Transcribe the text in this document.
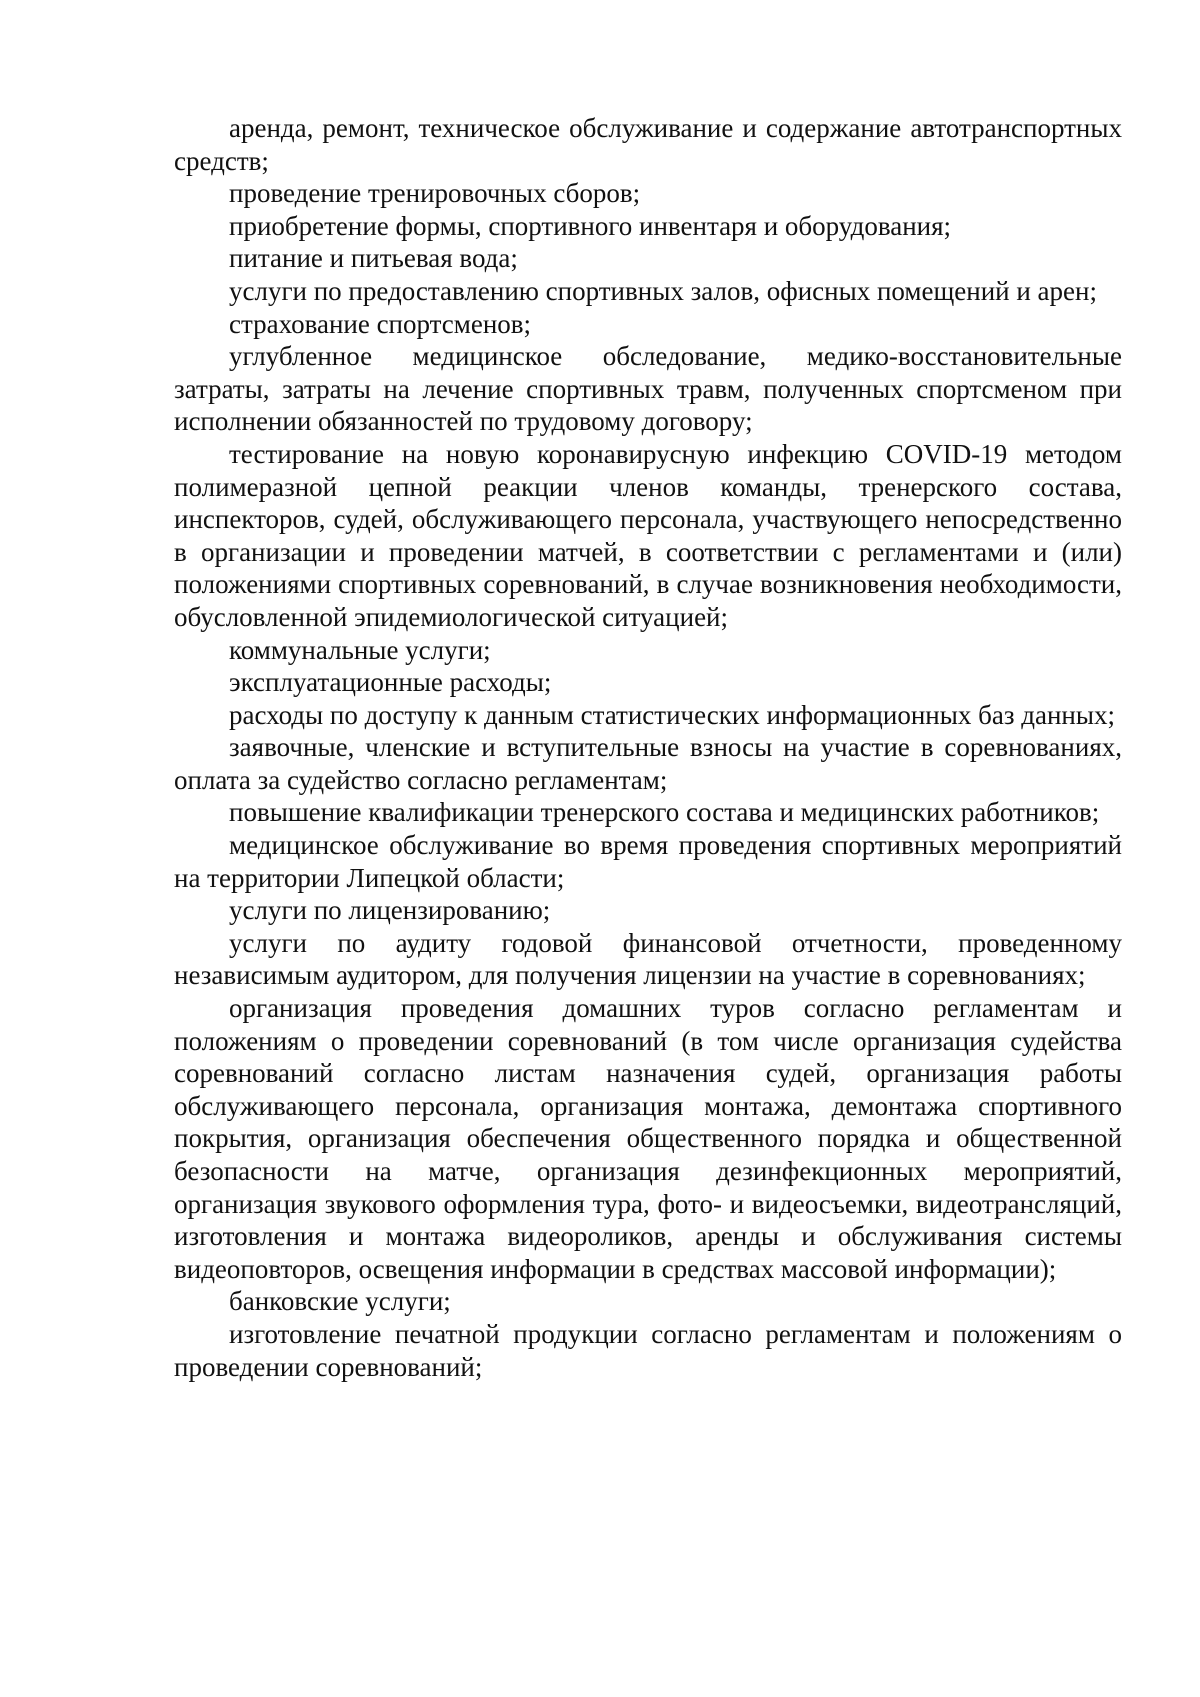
аренда, ремонт, техническое обслуживание и содержание автотранспортных средств;

проведение тренировочных сборов;

приобретение формы, спортивного инвентаря и оборудования;

питание и питьевая вода;

услуги по предоставлению спортивных залов, офисных помещений и арен;

страхование спортсменов;

углубленное медицинское обследование, медико-восстановительные затраты, затраты на лечение спортивных травм, полученных спортсменом при исполнении обязанностей по трудовому договору;

тестирование на новую коронавирусную инфекцию COVID-19 методом полимеразной цепной реакции членов команды, тренерского состава, инспекторов, судей, обслуживающего персонала, участвующего непосредственно в организации и проведении матчей, в соответствии с регламентами и (или) положениями спортивных соревнований, в случае возникновения необходимости, обусловленной эпидемиологической ситуацией;

коммунальные услуги;

эксплуатационные расходы;

расходы по доступу к данным статистических информационных баз данных;

заявочные, членские и вступительные взносы на участие в соревнованиях, оплата за судейство согласно регламентам;

повышение квалификации тренерского состава и медицинских работников;

медицинское обслуживание во время проведения спортивных мероприятий на территории Липецкой области;

услуги по лицензированию;

услуги по аудиту годовой финансовой отчетности, проведенному независимым аудитором, для получения лицензии на участие в соревнованиях;

организация проведения домашних туров согласно регламентам и положениям о проведении соревнований (в том числе организация судейства соревнований согласно листам назначения судей, организация работы обслуживающего персонала, организация монтажа, демонтажа спортивного покрытия, организация обеспечения общественного порядка и общественной безопасности на матче, организация дезинфекционных мероприятий, организация звукового оформления тура, фото- и видеосъемки, видеотрансляций, изготовления и монтажа видеороликов, аренды и обслуживания системы видеоповторов, освещения информации в средствах массовой информации);

банковские услуги;

изготовление печатной продукции согласно регламентам и положениям о проведении соревнований;
